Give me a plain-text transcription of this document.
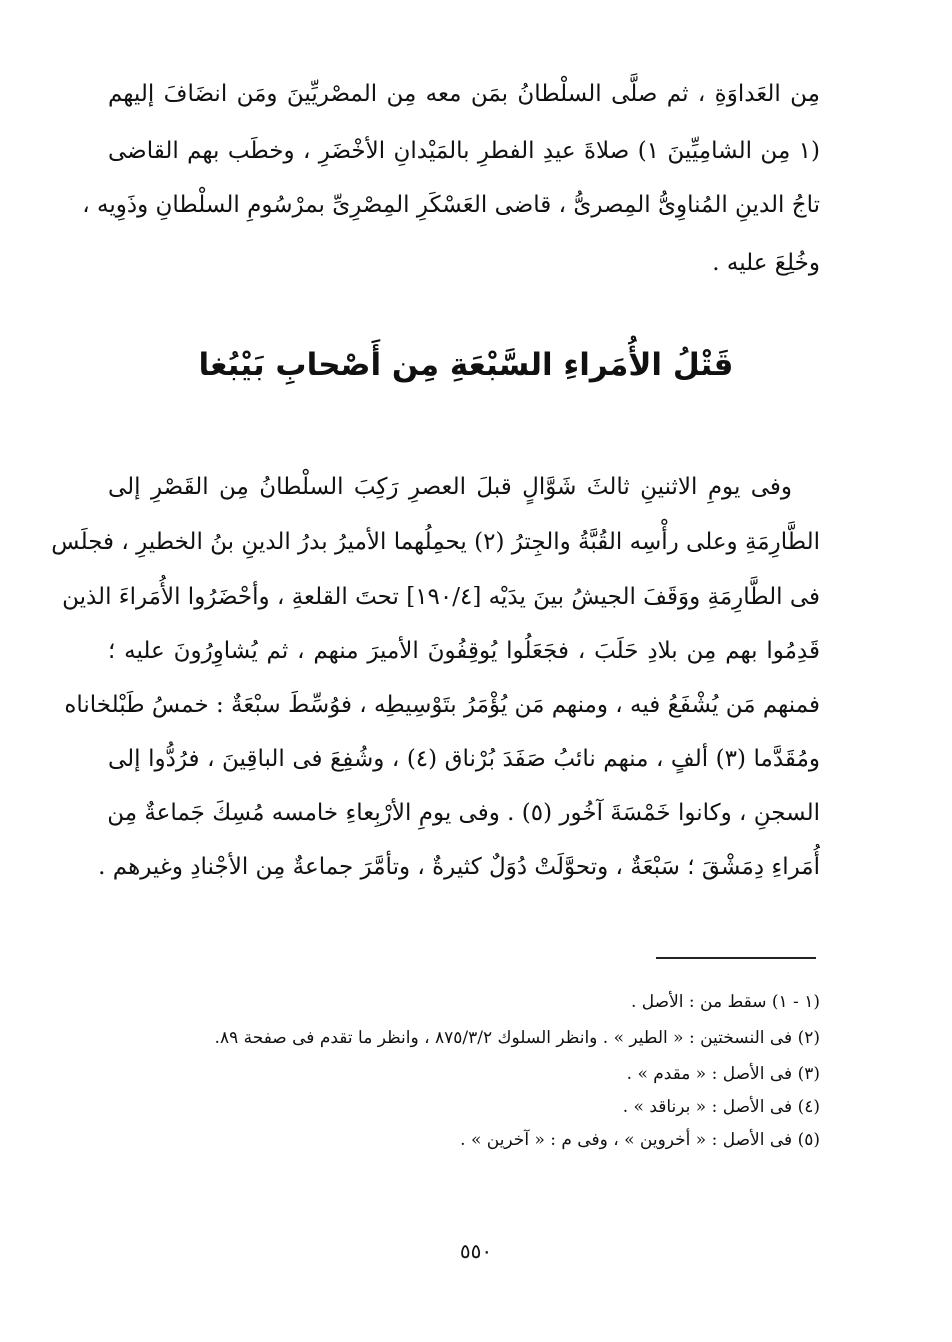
مِن العَداوَةِ ، ثم صلَّى السلْطانُ بمَن معه مِن المصْريِّينَ ومَن انضَافَ إليهم
(١ مِن الشامِيِّينَ ١) صلاةَ عيدِ الفطرِ بالمَيْدانِ الأخْضَرِ ، وخطَب بهم القاضى
تاجُ الدينِ المُناوِىُّ المِصرىُّ ، قاضى العَسْكَرِ المِصْرِىِّ بمرْسُومِ السلْطانِ وذَوِيه ،
وخُلِعَ عليه .
قَتْلُ الأُمَراءِ السَّبْعَةِ مِن أَصْحابِ بَيْبُغا
وفى يومِ الاثنينِ ثالثَ شَوَّالٍ قبلَ العصرِ رَكِبَ السلْطانُ مِن القَصْرِ إلى
الطَّارِمَةِ وعلى رأْسِه القُبَّةُ والجِترُ (٢) يحمِلُهما الأميرُ بدرُ الدينِ بنُ الخطيرِ ، فجلَس
فى الطَّارِمَةِ ووَقَفَ الجيشُ بينَ يدَيْه [١٩٠/٤] تحتَ القلعةِ ، وأحْضَرُوا الأُمَراءَ الذين
قَدِمُوا بهم مِن بلادِ حَلَبَ ، فجَعَلُوا يُوقِفُونَ الأميرَ منهم ، ثم يُشاوِرُونَ عليه ؛
فمنهم مَن يُشْفَعُ فيه ، ومنهم مَن يُؤْمَرُ بتَوْسِيطِه ، فوُسِّطَ سبْعَةٌ : خمسُ طَبْلخاناه
ومُقَدَّما (٣) ألفٍ ، منهم نائبُ صَفَدَ بُرْناق (٤) ، وشُفِعَ فى الباقِينَ ، فرُدُّوا إلى
السجنِ ، وكانوا خَمْسَةَ آخُور (٥) . وفى يومِ الأرْبِعاءِ خامسه مُسِكَ جَماعةٌ مِن
أُمَراءِ دِمَشْقَ ؛ سَبْعَةٌ ، وتحوَّلَتْ دُوَلٌ كثيرةٌ ، وتأمَّرَ جماعةٌ مِن الأجْنادِ وغيرهم .
(١ - ١) سقط من : الأصل .
(٢) فى النسختين : « الطير » . وانظر السلوك ٨٧٥/٣/٢ ، وانظر ما تقدم فى صفحة ٨٩.
(٣) فى الأصل : « مقدم » .
(٤) فى الأصل : « برناقد » .
(٥) فى الأصل : « أخروين » ، وفى م : « آخرين » .
٥٥٠
